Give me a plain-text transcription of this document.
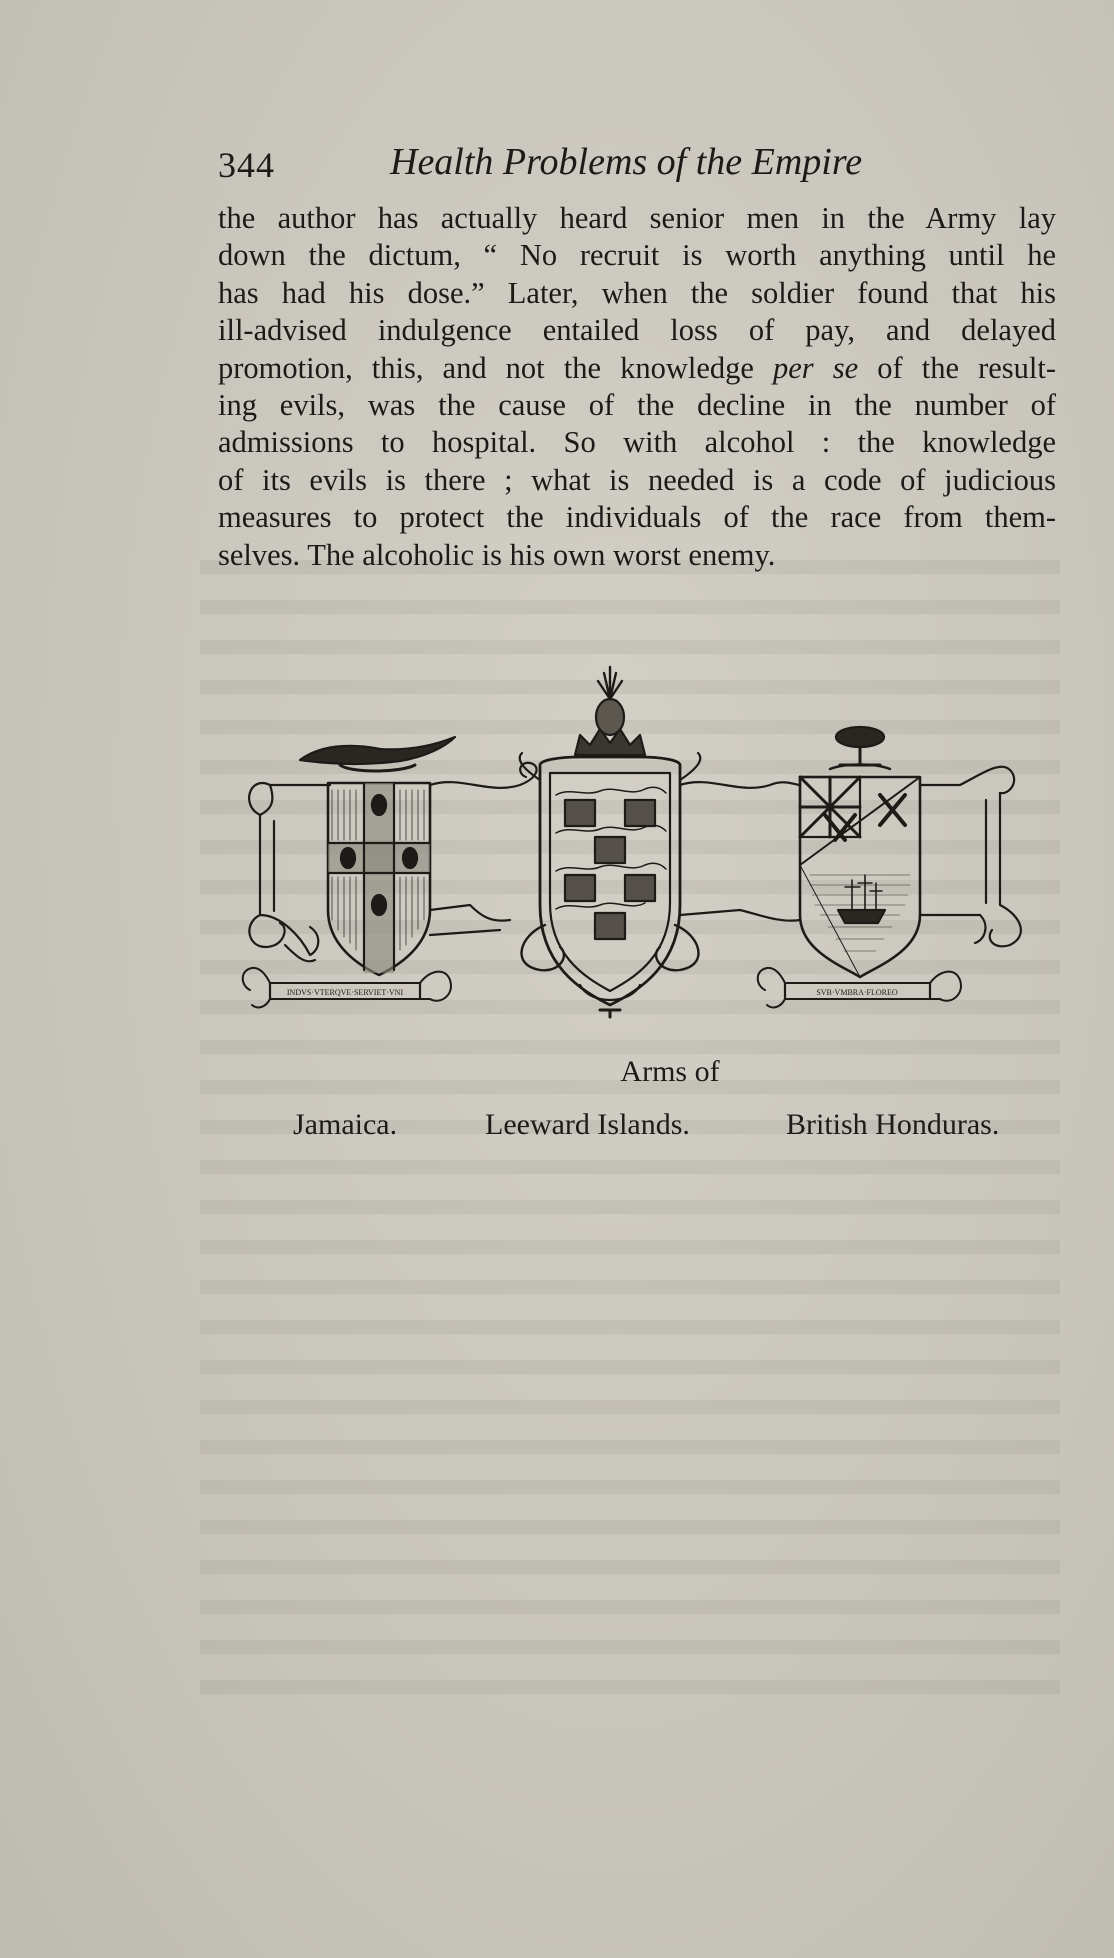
344	Health Problems of the Empire
the author has actually heard senior men in the Army lay
down the dictum, “ No recruit is worth anything until he
has had his dose.” Later, when the soldier found that his
ill-advised indulgence entailed loss of pay, and delayed
promotion, this, and not the knowledge per se of the result-
ing evils, was the cause of the decline in the number of
admissions to hospital. So with alcohol : the knowledge
of its evils is there ; what is needed is a code of judicious
measures to protect the individuals of the race from them-
selves. The alcoholic is his own worst enemy.
INDVS·VTERQVE·SERVIET·VNI	SVB·VMBRA·FLOREO
Arms of
Jamaica.	Leeward Islands.	British Honduras.
